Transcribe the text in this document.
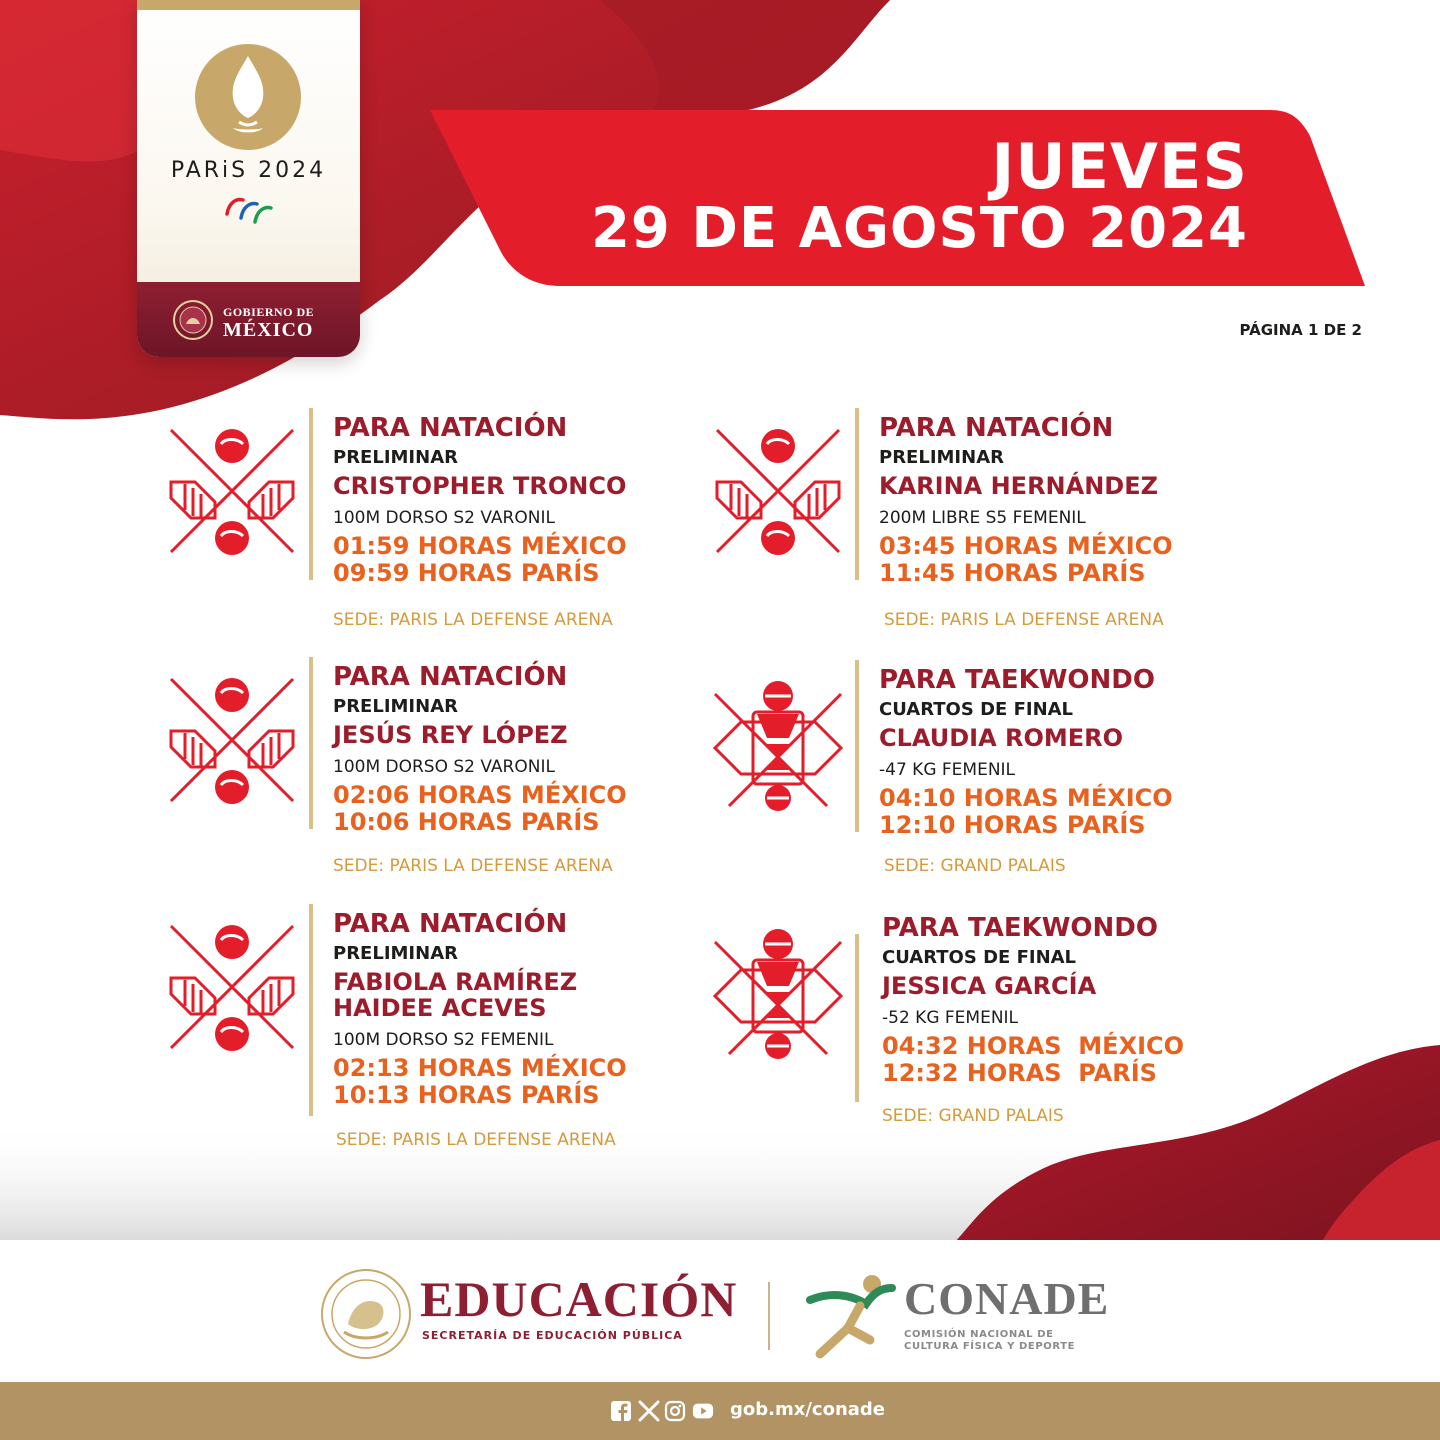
PARiS 2024
GOBIERNO DE
MÉXICO
JUEVES
29 DE AGOSTO 2024
PÁGINA 1 DE 2
PARA NATACIÓN
PRELIMINAR
CRISTOPHER TRONCO
100M DORSO S2 VARONIL
01:59 HORAS MÉXICO
09:59 HORAS PARÍS
SEDE: PARIS LA DEFENSE ARENA
PARA NATACIÓN
PRELIMINAR
JESÚS REY LÓPEZ
100M DORSO S2 VARONIL
02:06 HORAS MÉXICO
10:06 HORAS PARÍS
SEDE: PARIS LA DEFENSE ARENA
PARA NATACIÓN
PRELIMINAR
FABIOLA RAMÍREZ
HAIDEE ACEVES
100M DORSO S2 FEMENIL
02:13 HORAS MÉXICO
10:13 HORAS PARÍS
SEDE: PARIS LA DEFENSE ARENA
PARA NATACIÓN
PRELIMINAR
KARINA HERNÁNDEZ
200M LIBRE S5 FEMENIL
03:45 HORAS MÉXICO
11:45 HORAS PARÍS
SEDE: PARIS LA DEFENSE ARENA
PARA TAEKWONDO
CUARTOS DE FINAL
CLAUDIA ROMERO
-47 KG FEMENIL
04:10 HORAS MÉXICO
12:10 HORAS PARÍS
SEDE: GRAND PALAIS
PARA TAEKWONDO
CUARTOS DE FINAL
JESSICA GARCÍA
-52 KG FEMENIL
04:32 HORAS  MÉXICO
12:32 HORAS  PARÍS
SEDE: GRAND PALAIS
EDUCACIÓN
SECRETARÍA DE EDUCACIÓN PÚBLICA
CONADE
COMISIÓN NACIONAL DE
CULTURA FÍSICA Y DEPORTE
gob.mx/conade
